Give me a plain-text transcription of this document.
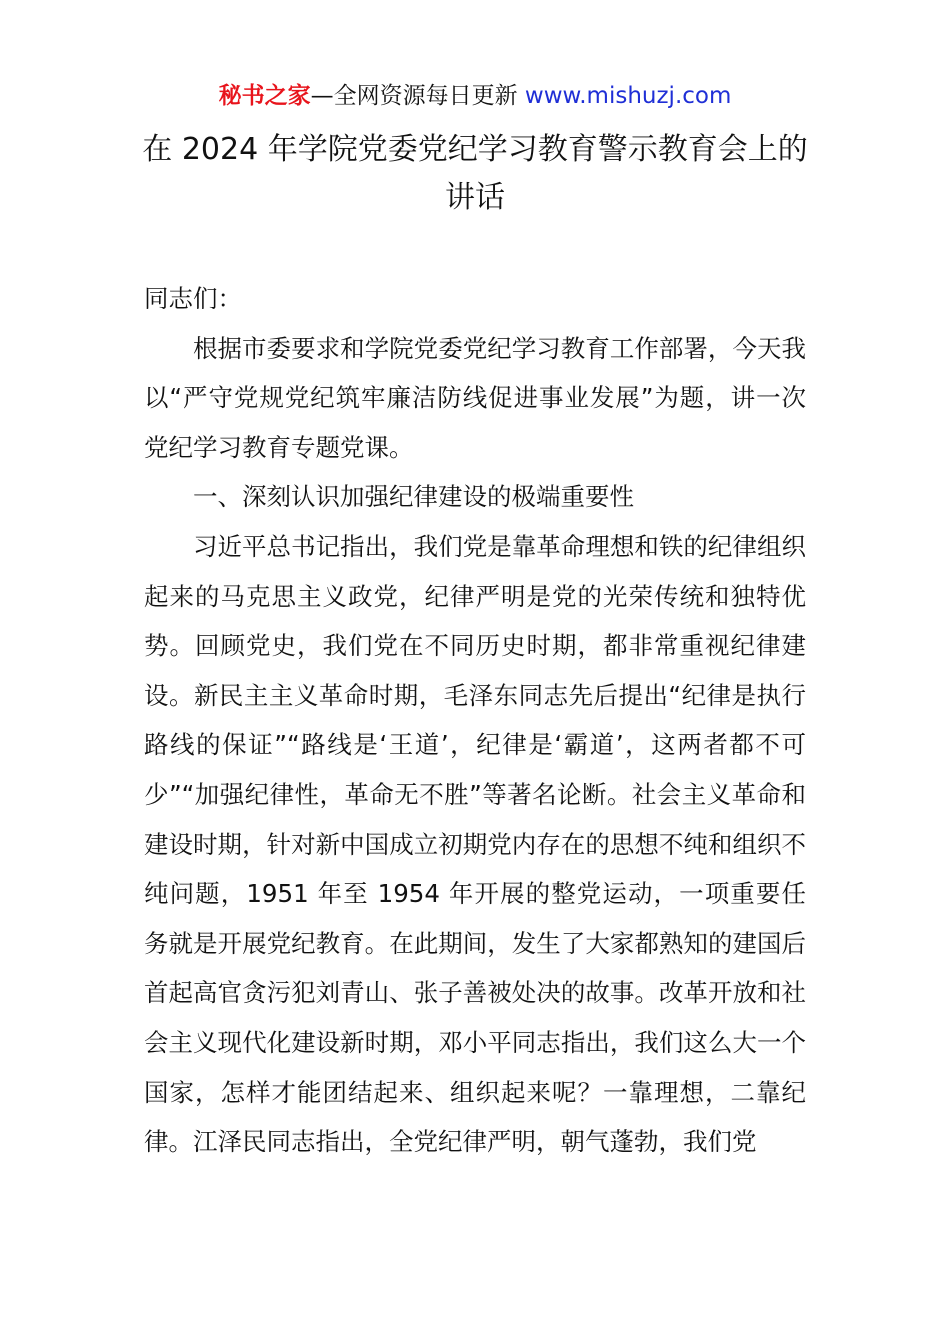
秘书之家—全网资源每日更新 www.mishuzj.com
在 2024 年学院党委党纪学习教育警示教育会上的讲话

同志们：

根据市委要求和学院党委党纪学习教育工作部署，今天我以“严守党规党纪筑牢廉洁防线促进事业发展”为题，讲一次党纪学习教育专题党课。

一、深刻认识加强纪律建设的极端重要性

习近平总书记指出，我们党是靠革命理想和铁的纪律组织起来的马克思主义政党，纪律严明是党的光荣传统和独特优势。回顾党史，我们党在不同历史时期，都非常重视纪律建设。新民主主义革命时期，毛泽东同志先后提出“纪律是执行路线的保证”“路线是‘王道’，纪律是‘霸道’，这两者都不可少”“加强纪律性，革命无不胜”等著名论断。社会主义革命和建设时期，针对新中国成立初期党内存在的思想不纯和组织不纯问题，1951 年至 1954 年开展的整党运动，一项重要任务就是开展党纪教育。在此期间，发生了大家都熟知的建国后首起高官贪污犯刘青山、张子善被处决的故事。改革开放和社会主义现代化建设新时期，邓小平同志指出，我们这么大一个国家，怎样才能团结起来、组织起来呢？一靠理想，二靠纪律。江泽民同志指出，全党纪律严明，朝气蓬勃，我们党
